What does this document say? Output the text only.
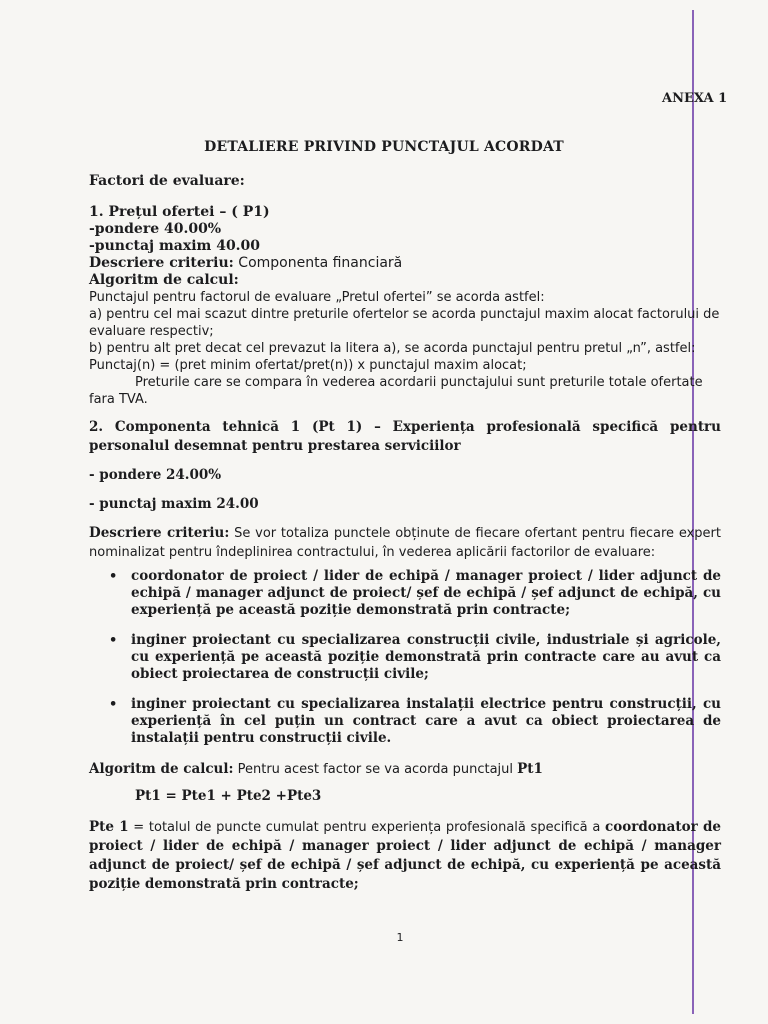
ANEXA 1
DETALIERE PRIVIND PUNCTAJUL ACORDAT
Factori de evaluare:
1. Prețul ofertei – ( P1)
-pondere 40.00%
-punctaj maxim 40.00
Descriere criteriu: Componenta financiară
Algoritm de calcul:
Punctajul pentru factorul de evaluare „Pretul ofertei” se acorda astfel:
a) pentru cel mai scazut dintre preturile ofertelor se acorda punctajul maxim alocat factorului de evaluare respectiv;
b) pentru alt pret decat cel prevazut la litera a), se acorda punctajul pentru pretul „n”, astfel:
Punctaj(n) = (pret minim ofertat/pret(n)) x punctajul maxim alocat;
Preturile care se compara în vederea acordarii punctajului sunt preturile totale ofertate fara TVA.
2. Componenta tehnică 1 (Pt 1) – Experiența profesională specifică pentru personalul desemnat pentru prestarea serviciilor
- pondere 24.00%
- punctaj maxim 24.00
Descriere criteriu: Se vor totaliza punctele obținute de fiecare ofertant pentru fiecare expert nominalizat pentru îndeplinirea contractului, în vederea aplicării factorilor de evaluare:
• coordonator de proiect / lider de echipă / manager proiect / lider adjunct de echipă / manager adjunct de proiect/ șef de echipă / șef adjunct de echipă, cu experiență pe această poziție demonstrată prin contracte;
• inginer proiectant cu specializarea construcții civile, industriale și agricole, cu experiență pe această poziție demonstrată prin contracte care au avut ca obiect proiectarea de construcții civile;
• inginer proiectant cu specializarea instalații electrice pentru construcții, cu experiență în cel puțin un contract care a avut ca obiect proiectarea de instalații pentru construcții civile.
Algoritm de calcul: Pentru acest factor se va acorda punctajul Pt1
Pt1 = Pte1 + Pte2 +Pte3
Pte 1 = totalul de puncte cumulat pentru experiența profesională specifică a coordonator de proiect / lider de echipă / manager proiect / lider adjunct de echipă / manager adjunct de proiect/ șef de echipă / șef adjunct de echipă, cu experiență pe această poziție demonstrată prin contracte;
1
